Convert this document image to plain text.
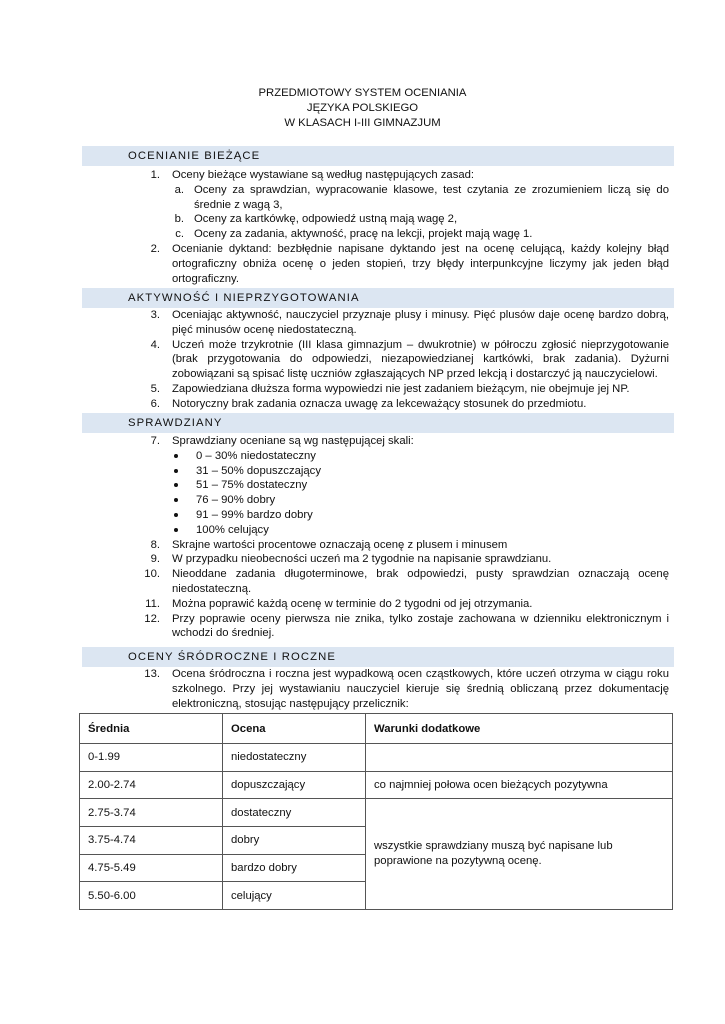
PRZEDMIOTOWY SYSTEM OCENIANIA
JĘZYKA POLSKIEGO
W KLASACH I-III GIMNAZJUM
OCENIANIE BIEŻĄCE
1. Oceny bieżące wystawiane są według następujących zasad:
a. Oceny za sprawdzian, wypracowanie klasowe, test czytania ze zrozumieniem liczą się do średnie z wagą 3,
b. Oceny za kartkówkę, odpowiedź ustną mają wagę 2,
c. Oceny za zadania, aktywność, pracę na lekcji, projekt mają wagę 1.
2. Ocenianie dyktand: bezbłędnie napisane dyktando jest na ocenę celującą, każdy kolejny błąd ortograficzny obniża ocenę o jeden stopień, trzy błędy interpunkcyjne liczymy jak jeden błąd ortograficzny.
AKTYWNOŚĆ I NIEPRZYGOTOWANIA
3. Oceniając aktywność, nauczyciel przyznaje plusy i minusy. Pięć plusów daje ocenę bardzo dobrą, pięć minusów ocenę niedostateczną.
4. Uczeń może trzykrotnie (III klasa gimnazjum – dwukrotnie) w półroczu zgłosić nieprzygotowanie (brak przygotowania do odpowiedzi, niezapowiedzianej kartkówki, brak zadania). Dyżurni zobowiązani są spisać listę uczniów zgłaszających NP przed lekcją i dostarczyć ją nauczycielowi.
5. Zapowiedziana dłuższa forma wypowiedzi nie jest zadaniem bieżącym, nie obejmuje jej NP.
6. Notoryczny brak zadania oznacza uwagę za lekceważący stosunek do przedmiotu.
SPRAWDZIANY
7. Sprawdziany oceniane są wg następującej skali:
0 – 30% niedostateczny
31 – 50% dopuszczający
51 – 75% dostateczny
76 – 90% dobry
91 – 99% bardzo dobry
100% celujący
8. Skrajne wartości procentowe oznaczają ocenę z plusem i minusem
9. W przypadku nieobecności uczeń ma 2 tygodnie na napisanie sprawdzianu.
10. Nieoddane zadania długoterminowe, brak odpowiedzi, pusty sprawdzian oznaczają ocenę niedostateczną.
11. Można poprawić każdą ocenę w terminie do 2 tygodni od jej otrzymania.
12. Przy poprawie oceny pierwsza nie znika, tylko zostaje zachowana w dzienniku elektronicznym i wchodzi do średniej.
OCENY ŚRÓDROCZNE I ROCZNE
13. Ocena śródroczna i roczna jest wypadkową ocen cząstkowych, które uczeń otrzyma w ciągu roku szkolnego. Przy jej wystawianiu nauczyciel kieruje się średnią obliczaną przez dokumentację elektroniczną, stosując następujący przelicznik:
Średnia	Ocena	Warunki dodatkowe
0-1.99	niedostateczny	
2.00-2.74	dopuszczający	co najmniej połowa ocen bieżących pozytywna
2.75-3.74	dostateczny	wszystkie sprawdziany muszą być napisane lub poprawione na pozytywną ocenę.
3.75-4.74	dobry	
4.75-5.49	bardzo dobry	
5.50-6.00	celujący	
